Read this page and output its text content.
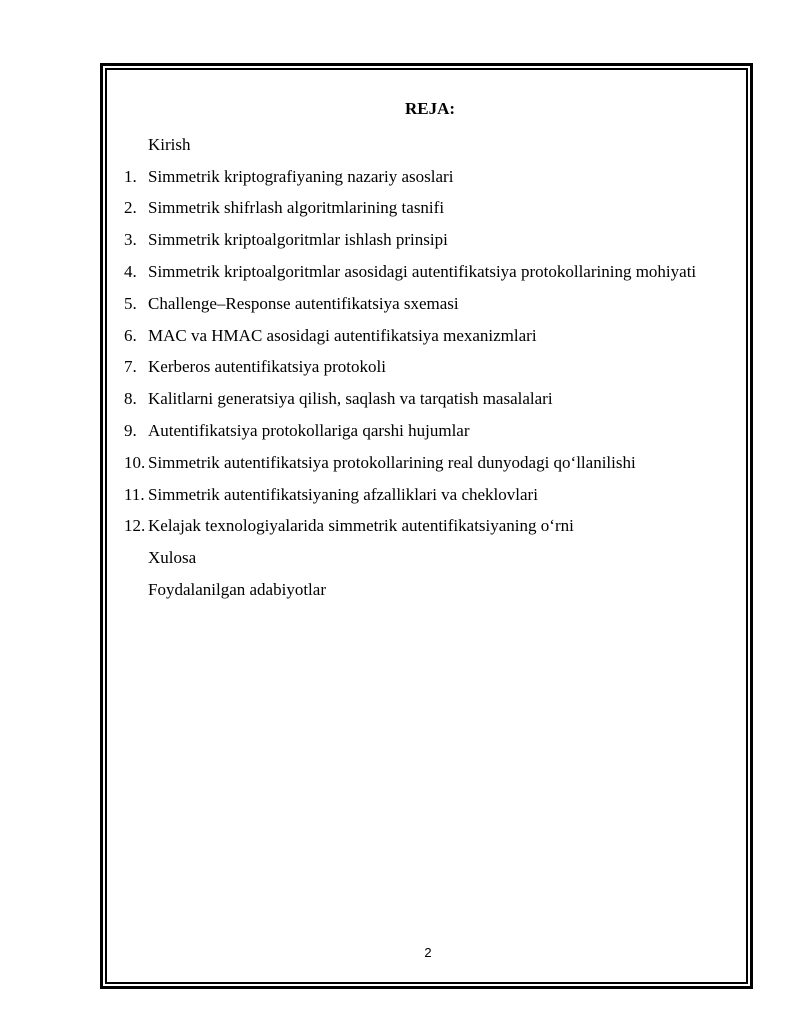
REJA:
Kirish
1. Simmetrik kriptografiyaning nazariy asoslari
2. Simmetrik shifrlash algoritmlarining tasnifi
3. Simmetrik kriptoalgoritmlar ishlash prinsipi
4. Simmetrik kriptoalgoritmlar asosidagi autentifikatsiya protokollarining mohiyati
5. Challenge–Response autentifikatsiya sxemasi
6. MAC va HMAC asosidagi autentifikatsiya mexanizmlari
7. Kerberos autentifikatsiya protokoli
8. Kalitlarni generatsiya qilish, saqlash va tarqatish masalalari
9. Autentifikatsiya protokollariga qarshi hujumlar
10. Simmetrik autentifikatsiya protokollarining real dunyodagi qo‘llanilishi
11. Simmetrik autentifikatsiyaning afzalliklari va cheklovlari
12. Kelajak texnologiyalarida simmetrik autentifikatsiyaning o‘rni
Xulosa
Foydalanilgan adabiyotlar
2
